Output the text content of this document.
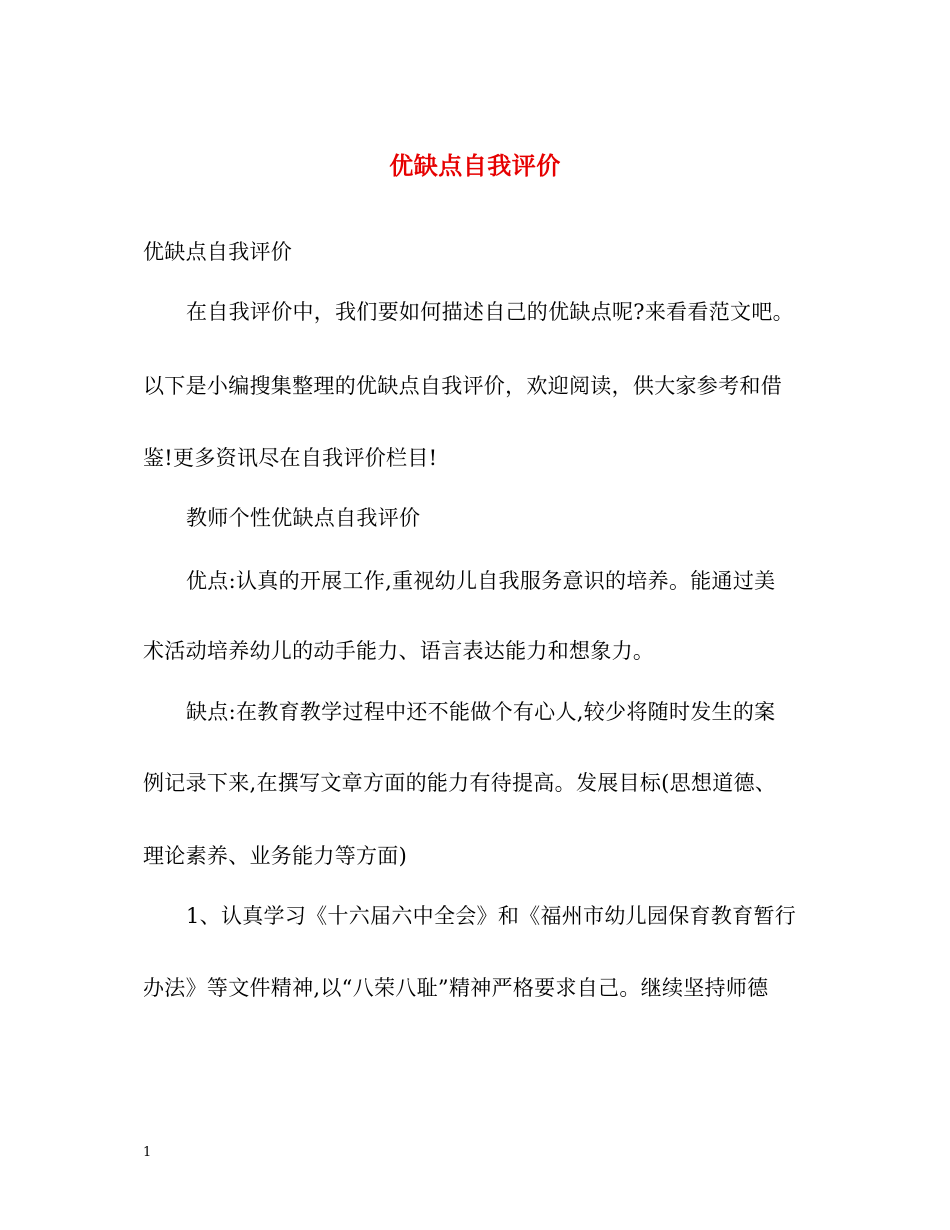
优缺点自我评价
优缺点自我评价
在自我评价中，我们要如何描述自己的优缺点呢?来看看范文吧。
以下是小编搜集整理的优缺点自我评价，欢迎阅读，供大家参考和借
鉴!更多资讯尽在自我评价栏目!
教师个性优缺点自我评价
优点:认真的开展工作,重视幼儿自我服务意识的培养。能通过美
术活动培养幼儿的动手能力、语言表达能力和想象力。
缺点:在教育教学过程中还不能做个有心人,较少将随时发生的案
例记录下来,在撰写文章方面的能力有待提高。发展目标(思想道德、
理论素养、业务能力等方面)
1、认真学习《十六届六中全会》和《福州市幼儿园保育教育暂行
办法》等文件精神,以“八荣八耻”精神严格要求自己。继续坚持师德
1
